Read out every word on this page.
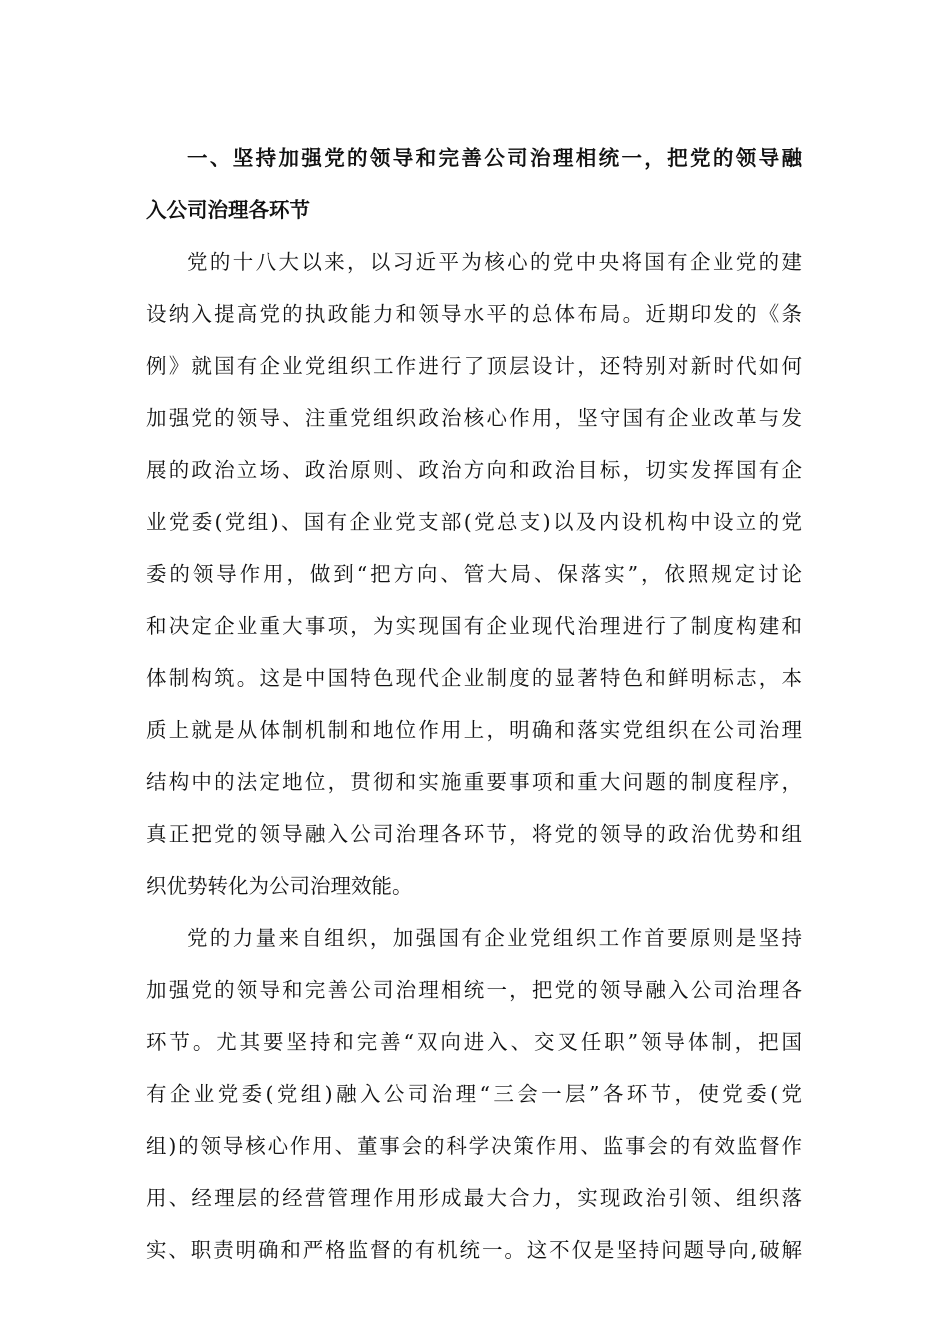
一、坚持加强党的领导和完善公司治理相统一，把党的领导融
入公司治理各环节
党的十八大以来，以习近平为核心的党中央将国有企业党的建
设纳入提高党的执政能力和领导水平的总体布局。近期印发的《条
例》就国有企业党组织工作进行了顶层设计，还特别对新时代如何
加强党的领导、注重党组织政治核心作用，坚守国有企业改革与发
展的政治立场、政治原则、政治方向和政治目标，切实发挥国有企
业党委(党组)、国有企业党支部(党总支)以及内设机构中设立的党
委的领导作用，做到“把方向、管大局、保落实”，依照规定讨论
和决定企业重大事项，为实现国有企业现代治理进行了制度构建和
体制构筑。这是中国特色现代企业制度的显著特色和鲜明标志，本
质上就是从体制机制和地位作用上，明确和落实党组织在公司治理
结构中的法定地位，贯彻和实施重要事项和重大问题的制度程序，
真正把党的领导融入公司治理各环节，将党的领导的政治优势和组
织优势转化为公司治理效能。
党的力量来自组织，加强国有企业党组织工作首要原则是坚持
加强党的领导和完善公司治理相统一，把党的领导融入公司治理各
环节。尤其要坚持和完善“双向进入、交叉任职”领导体制，把国
有企业党委(党组)融入公司治理“三会一层”各环节，使党委(党
组)的领导核心作用、董事会的科学决策作用、监事会的有效监督作
用、经理层的经营管理作用形成最大合力，实现政治引领、组织落
实、职责明确和严格监督的有机统一。这不仅是坚持问题导向,破解
